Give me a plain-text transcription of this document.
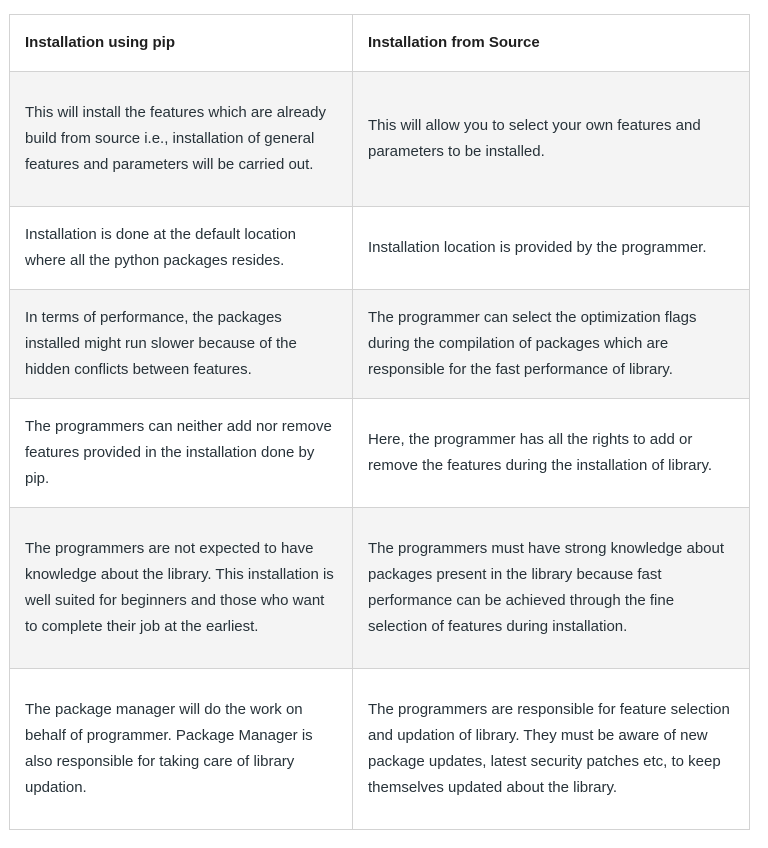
Installation using pip	Installation from Source
This will install the features which are already build from source i.e., installation of general features and parameters will be carried out.	This will allow you to select your own features and parameters to be installed.
Installation is done at the default location where all the python packages resides.	Installation location is provided by the programmer.
In terms of performance, the packages installed might run slower because of the hidden conflicts between features.	The programmer can select the optimization flags during the compilation of packages which are responsible for the fast performance of library.
The programmers can neither add nor remove features provided in the installation done by pip.	Here, the programmer has all the rights to add or remove the features during the installation of library.
The programmers are not expected to have knowledge about the library. This installation is well suited for beginners and those who want to complete their job at the earliest.	The programmers must have strong knowledge about packages present in the library because fast performance can be achieved through the fine selection of features during installation.
The package manager will do the work on behalf of programmer. Package Manager is also responsible for taking care of library updation.	The programmers are responsible for feature selection and updation of library. They must be aware of new package updates, latest security patches etc, to keep themselves updated about the library.
